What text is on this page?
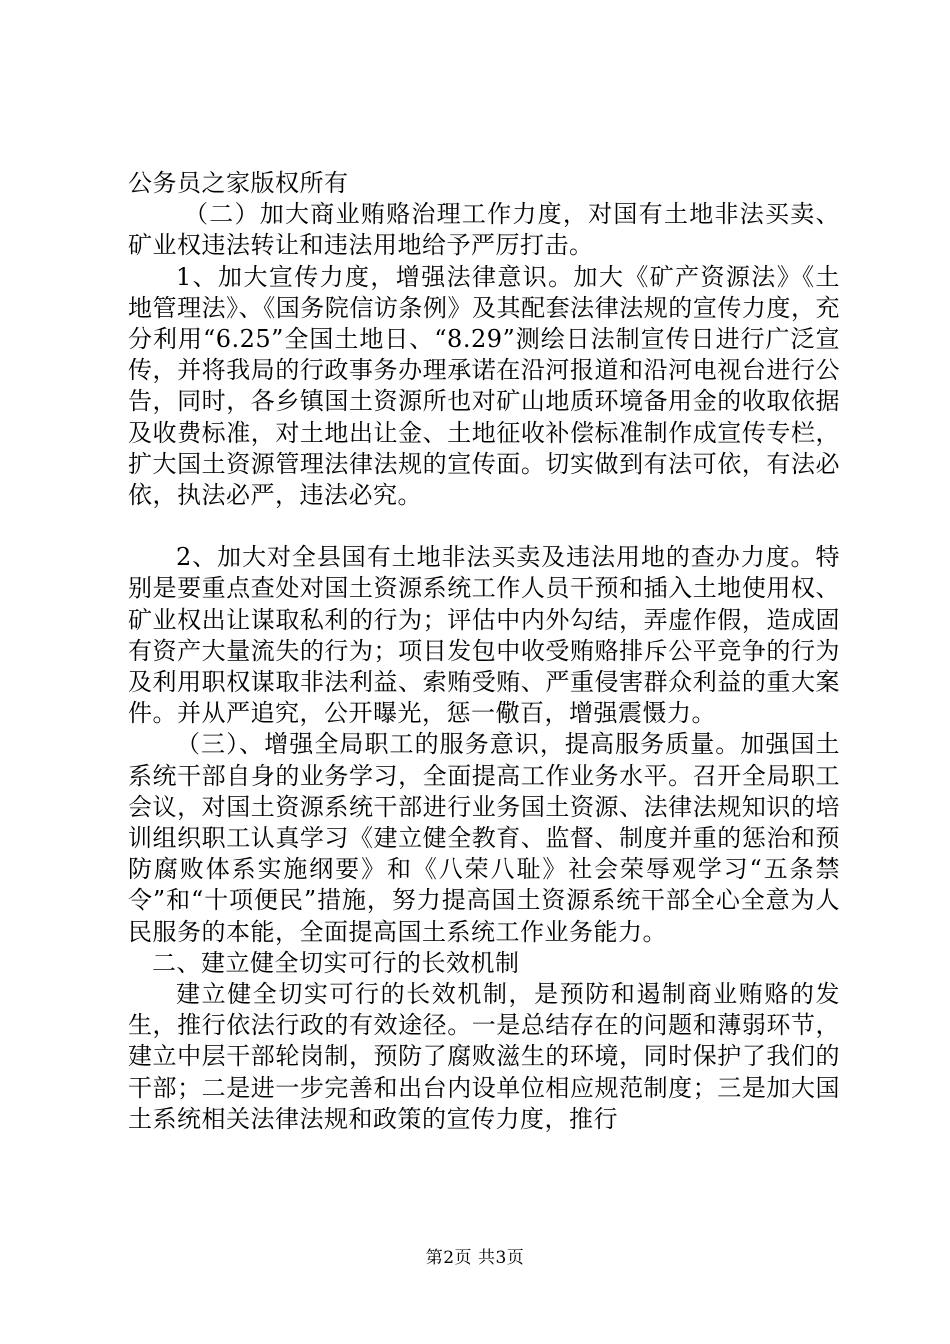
公务员之家版权所有

（二）加大商业贿赂治理工作力度，对国有土地非法买卖、矿业权违法转让和违法用地给予严厉打击。

1、加大宣传力度，增强法律意识。加大《矿产资源法》《土地管理法》、《国务院信访条例》及其配套法律法规的宣传力度，充分利用“6.25”全国土地日、“8.29”测绘日法制宣传日进行广泛宣传，并将我局的行政事务办理承诺在沿河报道和沿河电视台进行公告，同时，各乡镇国土资源所也对矿山地质环境备用金的收取依据及收费标准，对土地出让金、土地征收补偿标准制作成宣传专栏，扩大国土资源管理法律法规的宣传面。切实做到有法可依，有法必依，执法必严，违法必究。

2、加大对全县国有土地非法买卖及违法用地的查办力度。特别是要重点查处对国土资源系统工作人员干预和插入土地使用权、矿业权出让谋取私利的行为；评估中内外勾结，弄虚作假，造成固有资产大量流失的行为；项目发包中收受贿赂排斥公平竞争的行为及利用职权谋取非法利益、索贿受贿、严重侵害群众利益的重大案件。并从严追究，公开曝光，惩一儆百，增强震慑力。

（三）、增强全局职工的服务意识，提高服务质量。加强国土系统干部自身的业务学习，全面提高工作业务水平。召开全局职工会议，对国土资源系统干部进行业务国土资源、法律法规知识的培训组织职工认真学习《建立健全教育、监督、制度并重的惩治和预防腐败体系实施纲要》和《八荣八耻》社会荣辱观学习“五条禁令”和“十项便民”措施，努力提高国土资源系统干部全心全意为人民服务的本能，全面提高国土系统工作业务能力。

二、建立健全切实可行的长效机制

建立健全切实可行的长效机制，是预防和遏制商业贿赂的发生，推行依法行政的有效途径。一是总结存在的问题和薄弱环节，建立中层干部轮岗制，预防了腐败滋生的环境，同时保护了我们的干部；二是进一步完善和出台内设单位相应规范制度；三是加大国土系统相关法律法规和政策的宣传力度，推行

第2页 共3页
